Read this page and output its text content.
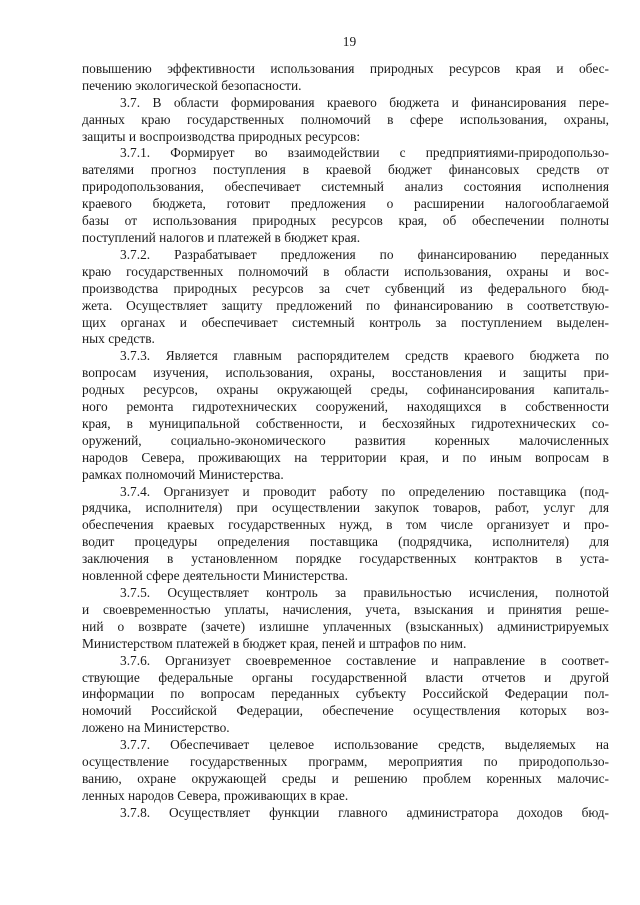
19

повышению эффективности использования природных ресурсов края и обес-
печению экологической безопасности.

3.7. В области формирования краевого бюджета и финансирования пере-
данных краю государственных полномочий в сфере использования, охраны,
защиты и воспроизводства природных ресурсов:

3.7.1. Формирует во взаимодействии с предприятиями-природопользо-
вателями прогноз поступления в краевой бюджет финансовых средств от
природопользования, обеспечивает системный анализ состояния исполнения
краевого бюджета, готовит предложения о расширении налогооблагаемой
базы от использования природных ресурсов края, об обеспечении полноты
поступлений налогов и платежей в бюджет края.

3.7.2. Разрабатывает предложения по финансированию переданных
краю государственных полномочий в области использования, охраны и вос-
производства природных ресурсов за счет субвенций из федерального бюд-
жета. Осуществляет защиту предложений по финансированию в соответствую-
щих органах и обеспечивает системный контроль за поступлением выделен-
ных средств.

3.7.3. Является главным распорядителем средств краевого бюджета по
вопросам изучения, использования, охраны, восстановления и защиты при-
родных ресурсов, охраны окружающей среды, софинансирования капиталь-
ного ремонта гидротехнических сооружений, находящихся в собственности
края, в муниципальной собственности, и бесхозяйных гидротехнических со-
оружений, социально-экономического развития коренных малочисленных
народов Севера, проживающих на территории края, и по иным вопросам в
рамках полномочий Министерства.

3.7.4. Организует и проводит работу по определению поставщика (под-
рядчика, исполнителя) при осуществлении закупок товаров, работ, услуг для
обеспечения краевых государственных нужд, в том числе организует и про-
водит процедуры определения поставщика (подрядчика, исполнителя) для
заключения в установленном порядке государственных контрактов в уста-
новленной сфере деятельности Министерства.

3.7.5. Осуществляет контроль за правильностью исчисления, полнотой
и своевременностью уплаты, начисления, учета, взыскания и принятия реше-
ний о возврате (зачете) излишне уплаченных (взысканных) администрируемых
Министерством платежей в бюджет края, пеней и штрафов по ним.

3.7.6. Организует своевременное составление и направление в соответ-
ствующие федеральные органы государственной власти отчетов и другой
информации по вопросам переданных субъекту Российской Федерации пол-
номочий Российской Федерации, обеспечение осуществления которых воз-
ложено на Министерство.

3.7.7. Обеспечивает целевое использование средств, выделяемых на
осуществление государственных программ, мероприятия по природопользо-
ванию, охране окружающей среды и решению проблем коренных малочис-
ленных народов Севера, проживающих в крае.

3.7.8. Осуществляет функции главного администратора доходов бюд-
